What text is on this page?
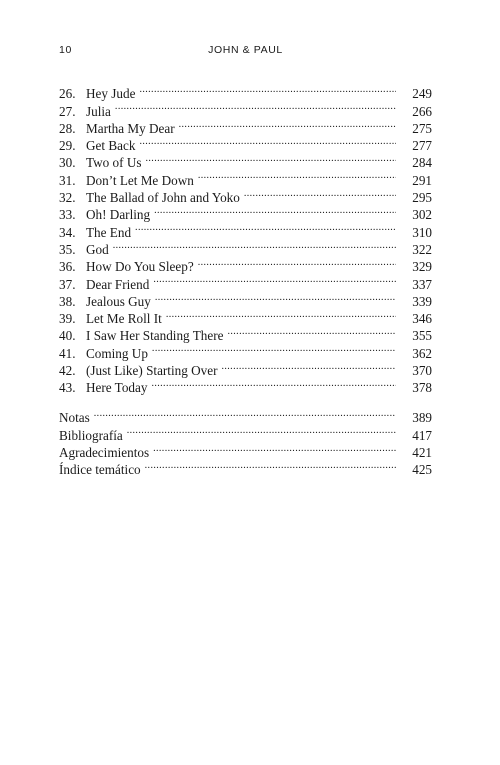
10	JOHN & PAUL
26. Hey Jude .....	249
27. Julia .....	266
28. Martha My Dear .....	275
29. Get Back .....	277
30. Two of Us .....	284
31. Don’t Let Me Down .....	291
32. The Ballad of John and Yoko .....	295
33. Oh! Darling .....	302
34. The End .....	310
35. God .....	322
36. How Do You Sleep? .....	329
37. Dear Friend .....	337
38. Jealous Guy .....	339
39. Let Me Roll It .....	346
40. I Saw Her Standing There .....	355
41. Coming Up .....	362
42. (Just Like) Starting Over .....	370
43. Here Today .....	378
Notas .....	389
Bibliografía .....	417
Agradecimientos .....	421
Índice temático .....	425
